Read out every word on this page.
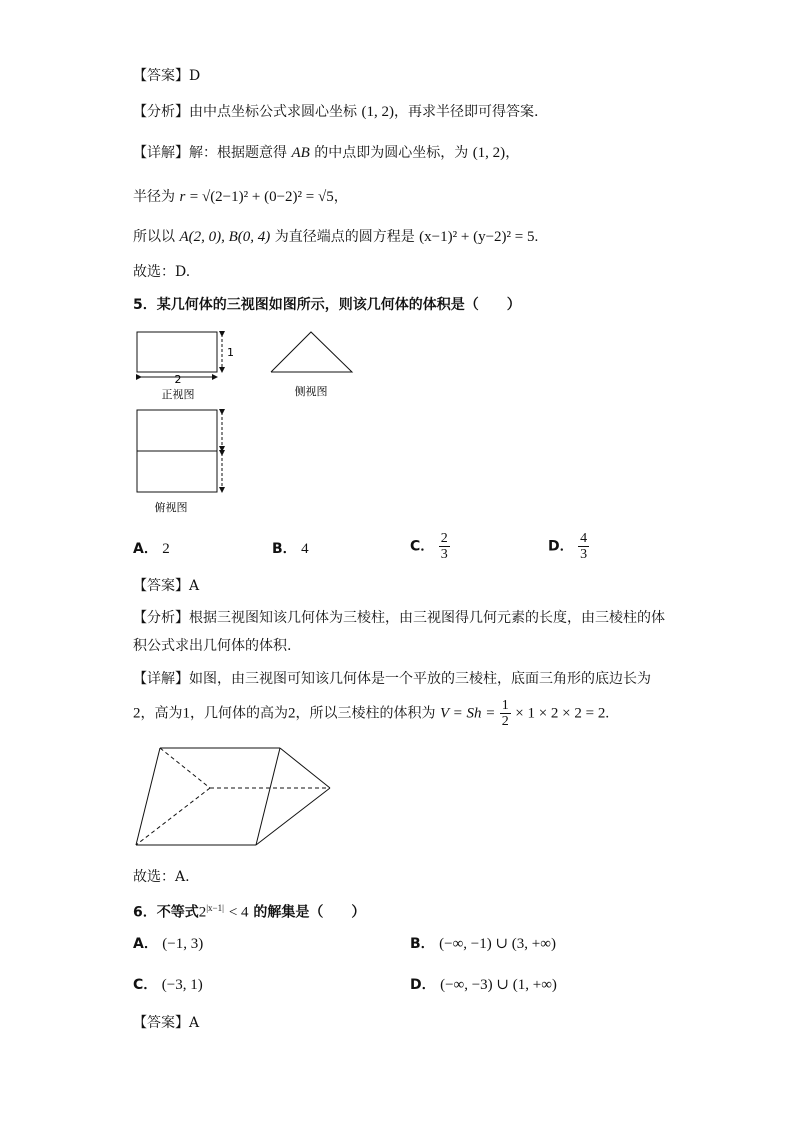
【答案】D
【分析】由中点坐标公式求圆心坐标 (1, 2)，再求半径即可得答案.
【详解】解：根据题意得 AB 的中点即为圆心坐标，为 (1, 2)，
半径为 r = √(2−1)² + (0−2)² = √5，
所以以 A(2, 0), B(0, 4) 为直径端点的圆方程是 (x−1)² + (y−2)² = 5.
故选：D.
5．某几何体的三视图如图所示，则该几何体的体积是（　　）
2
1
正视图	侧视图
俯视图
A． 2	B． 4	C． $\frac{2}{3}$	D． $\frac{4}{3}$
【答案】A
【分析】根据三视图知该几何体为三棱柱，由三视图得几何元素的长度，由三棱柱的体
积公式求出几何体的体积.
【详解】如图，由三视图可知该几何体是一个平放的三棱柱，底面三角形的底边长为
2，高为1，几何体的高为2，所以三棱柱的体积为 $V = Sh = \frac{1}{2} \times 1 \times 2 \times 2 = 2$.
故选：A.
6．不等式$2^{|x-1|} < 4$ 的解集是（　　）
A． (−1, 3)	B． (−∞, −1) ∪ (3, +∞)
C． (−3, 1)	D． (−∞, −3) ∪ (1, +∞)
【答案】A
